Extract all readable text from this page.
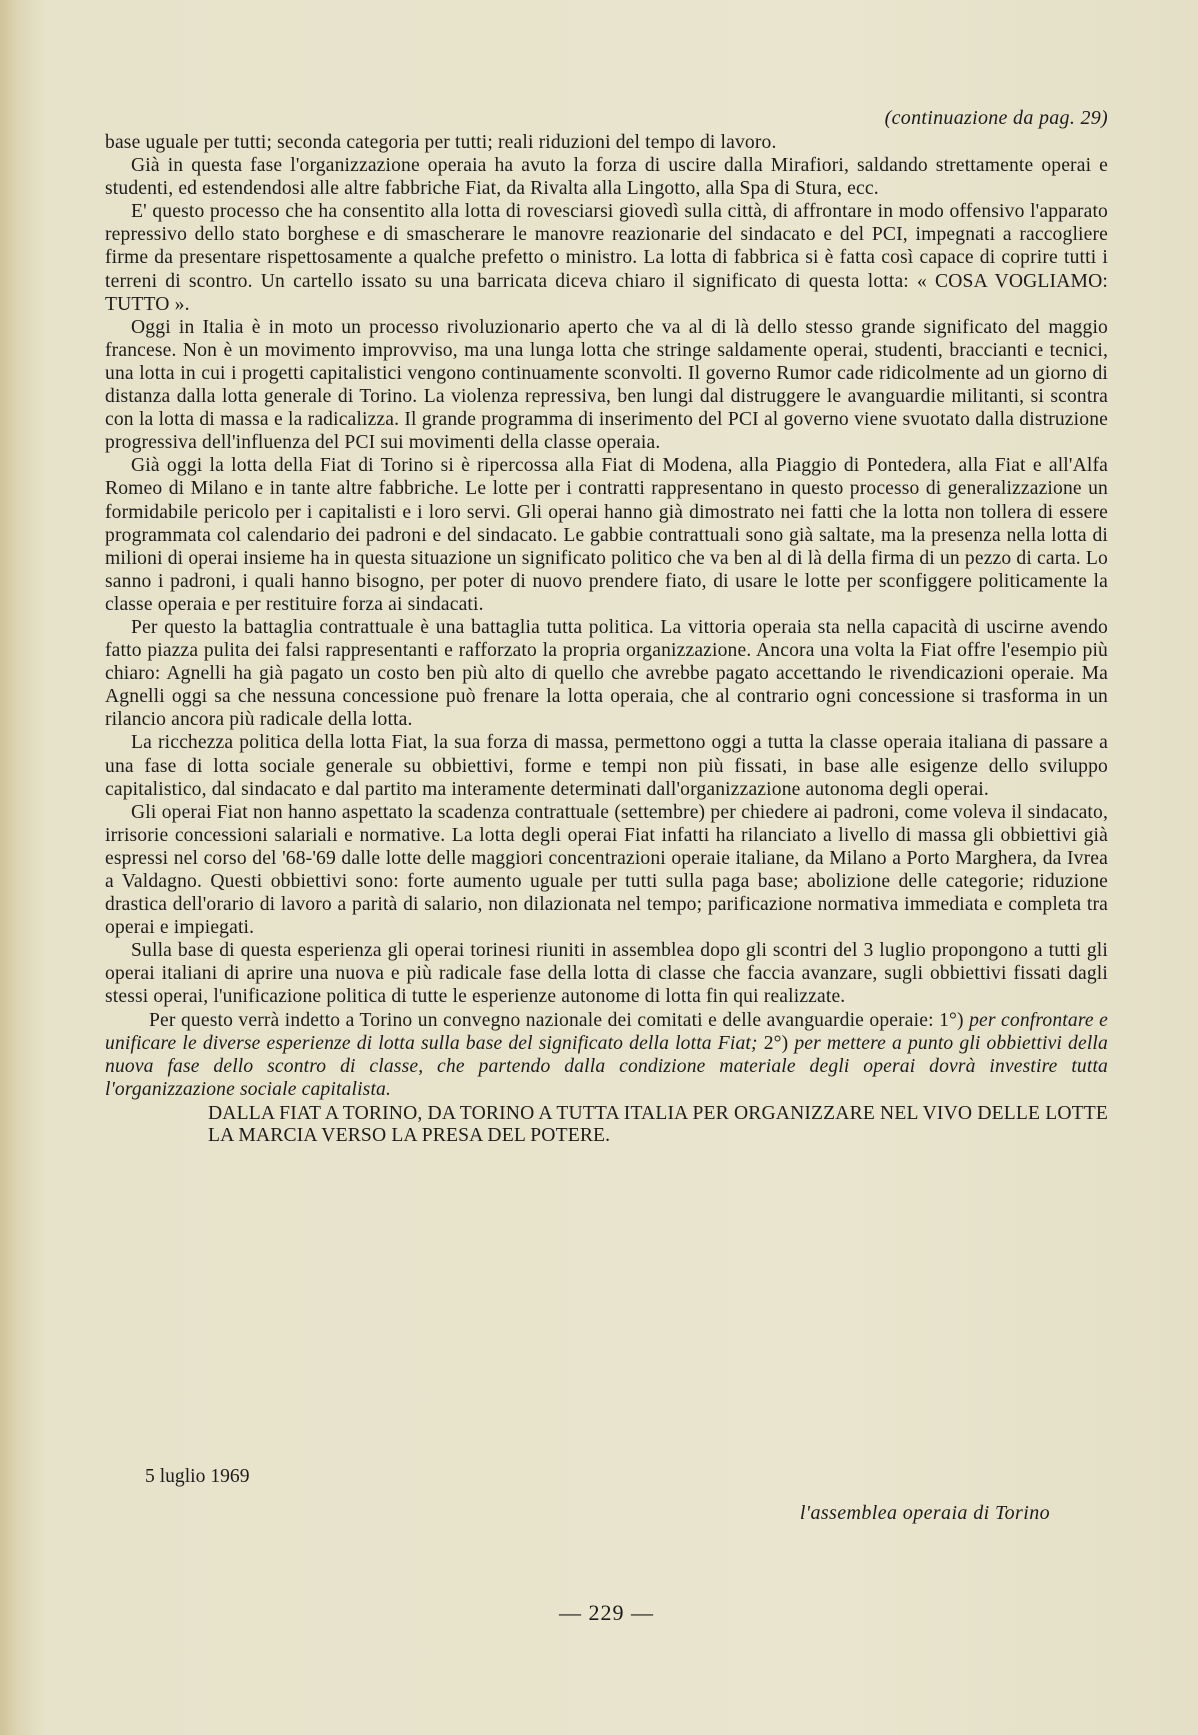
(continuazione da pag. 29)

base uguale per tutti; seconda categoria per tutti; reali riduzioni del tempo di lavoro.

Già in questa fase l'organizzazione operaia ha avuto la forza di uscire dalla Mirafiori, saldando strettamente operai e studenti, ed estendendosi alle altre fabbriche Fiat, da Rivalta alla Lingotto, alla Spa di Stura, ecc.

E' questo processo che ha consentito alla lotta di rovesciarsi giovedì sulla città, di affrontare in modo offensivo l'apparato repressivo dello stato borghese e di smascherare le manovre reazionarie del sindacato e del PCI, impegnati a raccogliere firme da presentare rispettosamente a qualche prefetto o ministro. La lotta di fabbrica si è fatta così capace di coprire tutti i terreni di scontro. Un cartello issato su una barricata diceva chiaro il significato di questa lotta: « COSA VOGLIAMO: TUTTO ».

Oggi in Italia è in moto un processo rivoluzionario aperto che va al di là dello stesso grande significato del maggio francese. Non è un movimento improvviso, ma una lunga lotta che stringe saldamente operai, studenti, braccianti e tecnici, una lotta in cui i progetti capitalistici vengono continuamente sconvolti. Il governo Rumor cade ridicolmente ad un giorno di distanza dalla lotta generale di Torino. La violenza repressiva, ben lungi dal distruggere le avanguardie militanti, si scontra con la lotta di massa e la radicalizza. Il grande programma di inserimento del PCI al governo viene svuotato dalla distruzione progressiva dell'influenza del PCI sui movimenti della classe operaia.

Già oggi la lotta della Fiat di Torino si è ripercossa alla Fiat di Modena, alla Piaggio di Pontedera, alla Fiat e all'Alfa Romeo di Milano e in tante altre fabbriche. Le lotte per i contratti rappresentano in questo processo di generalizzazione un formidabile pericolo per i capitalisti e i loro servi. Gli operai hanno già dimostrato nei fatti che la lotta non tollera di essere programmata col calendario dei padroni e del sindacato. Le gabbie contrattuali sono già saltate, ma la presenza nella lotta di milioni di operai insieme ha in questa situazione un significato politico che va ben al di là della firma di un pezzo di carta. Lo sanno i padroni, i quali hanno bisogno, per poter di nuovo prendere fiato, di usare le lotte per sconfiggere politicamente la classe operaia e per restituire forza ai sindacati.

Per questo la battaglia contrattuale è una battaglia tutta politica. La vittoria operaia sta nella capacità di uscirne avendo fatto piazza pulita dei falsi rappresentanti e rafforzato la propria organizzazione. Ancora una volta la Fiat offre l'esempio più chiaro: Agnelli ha già pagato un costo ben più alto di quello che avrebbe pagato accettando le rivendicazioni operaie. Ma Agnelli oggi sa che nessuna concessione può frenare la lotta operaia, che al contrario ogni concessione si trasforma in un rilancio ancora più radicale della lotta.

La ricchezza politica della lotta Fiat, la sua forza di massa, permettono oggi a tutta la classe operaia italiana di passare a una fase di lotta sociale generale su obbiettivi, forme e tempi non più fissati, in base alle esigenze dello sviluppo capitalistico, dal sindacato e dal partito ma interamente determinati dall'organizzazione autonoma degli operai.

Gli operai Fiat non hanno aspettato la scadenza contrattuale (settembre) per chiedere ai padroni, come voleva il sindacato, irrisorie concessioni salariali e normative. La lotta degli operai Fiat infatti ha rilanciato a livello di massa gli obbiettivi già espressi nel corso del '68-'69 dalle lotte delle maggiori concentrazioni operaie italiane, da Milano a Porto Marghera, da Ivrea a Valdagno. Questi obbiettivi sono: forte aumento uguale per tutti sulla paga base; abolizione delle categorie; riduzione drastica dell'orario di lavoro a parità di salario, non dilazionata nel tempo; parificazione normativa immediata e completa tra operai e impiegati.

Sulla base di questa esperienza gli operai torinesi riuniti in assemblea dopo gli scontri del 3 luglio propongono a tutti gli operai italiani di aprire una nuova e più radicale fase della lotta di classe che faccia avanzare, sugli obbiettivi fissati dagli stessi operai, l'unificazione politica di tutte le esperienze autonome di lotta fin qui realizzate.

Per questo verrà indetto a Torino un convegno nazionale dei comitati e delle avanguardie operaie: 1°) per confrontare e unificare le diverse esperienze di lotta sulla base del significato della lotta Fiat; 2°) per mettere a punto gli obbiettivi della nuova fase dello scontro di classe, che partendo dalla condizione materiale degli operai dovrà investire tutta l'organizzazione sociale capitalista.

DALLA FIAT A TORINO, DA TORINO A TUTTA ITALIA PER ORGANIZZARE NEL VIVO DELLE LOTTE LA MARCIA VERSO LA PRESA DEL POTERE.
5 luglio 1969
l'assemblea operaia di Torino
— 229 —
